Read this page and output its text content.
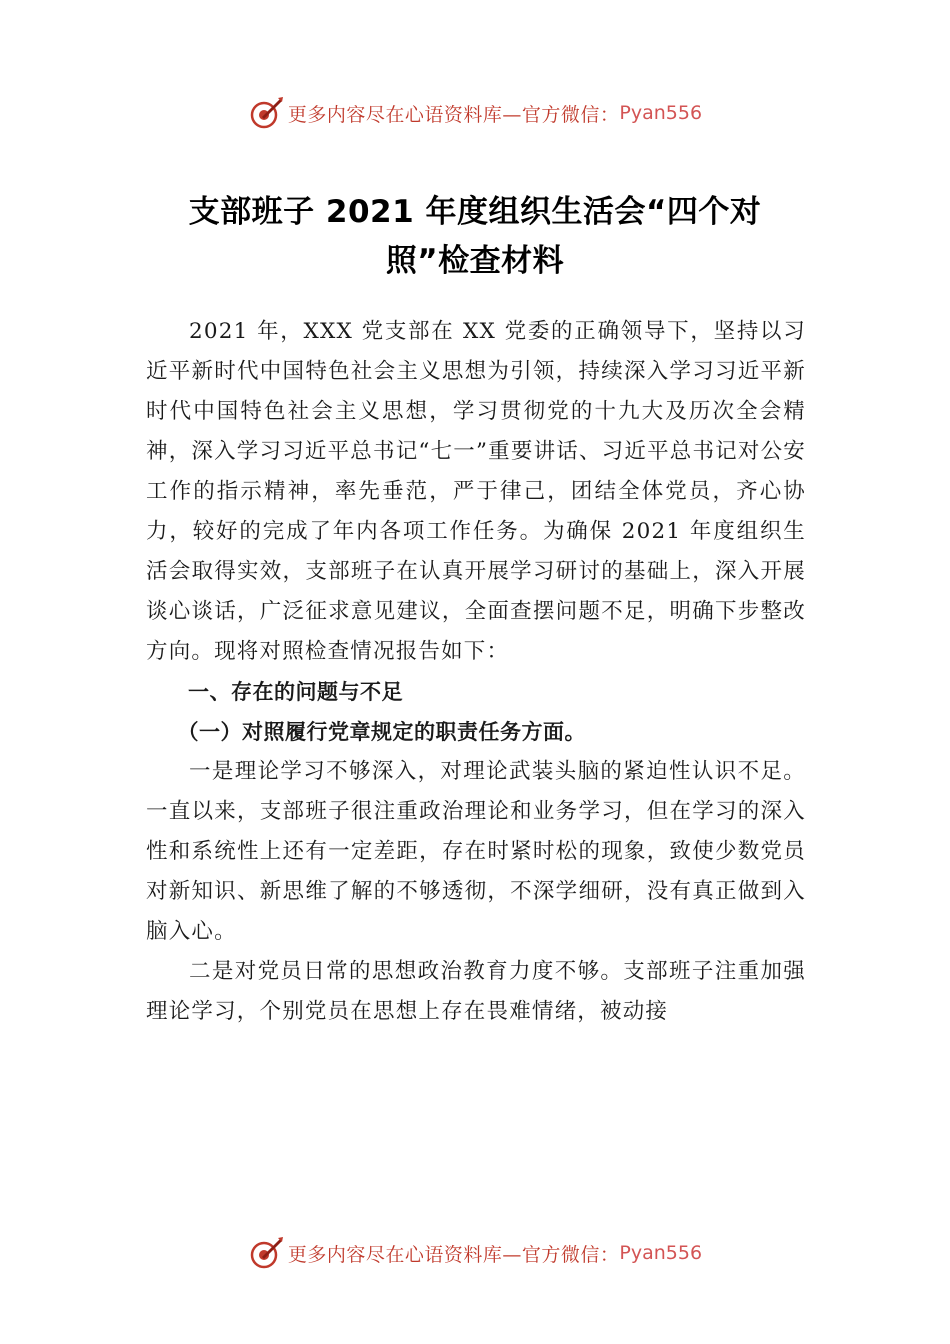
更多内容尽在心语资料库—官方微信： Pyan556
支部班子 2021 年度组织生活会“四个对照”检查材料

2021 年，XXX 党支部在 XX 党委的正确领导下，坚持以习近平新时代中国特色社会主义思想为引领，持续深入学习习近平新时代中国特色社会主义思想，学习贯彻党的十九大及历次全会精神，深入学习习近平总书记“七一”重要讲话、习近平总书记对公安工作的指示精神，率先垂范，严于律己，团结全体党员，齐心协力，较好的完成了年内各项工作任务。为确保 2021 年度组织生活会取得实效，支部班子在认真开展学习研讨的基础上，深入开展谈心谈话，广泛征求意见建议，全面查摆问题不足，明确下步整改方向。现将对照检查情况报告如下：

一、存在的问题与不足

（一）对照履行党章规定的职责任务方面。

一是理论学习不够深入，对理论武装头脑的紧迫性认识不足。一直以来，支部班子很注重政治理论和业务学习，但在学习的深入性和系统性上还有一定差距，存在时紧时松的现象，致使少数党员对新知识、新思维了解的不够透彻，不深学细研，没有真正做到入脑入心。

二是对党员日常的思想政治教育力度不够。支部班子注重加强理论学习，个别党员在思想上存在畏难情绪，被动接

更多内容尽在心语资料库—官方微信： Pyan556
